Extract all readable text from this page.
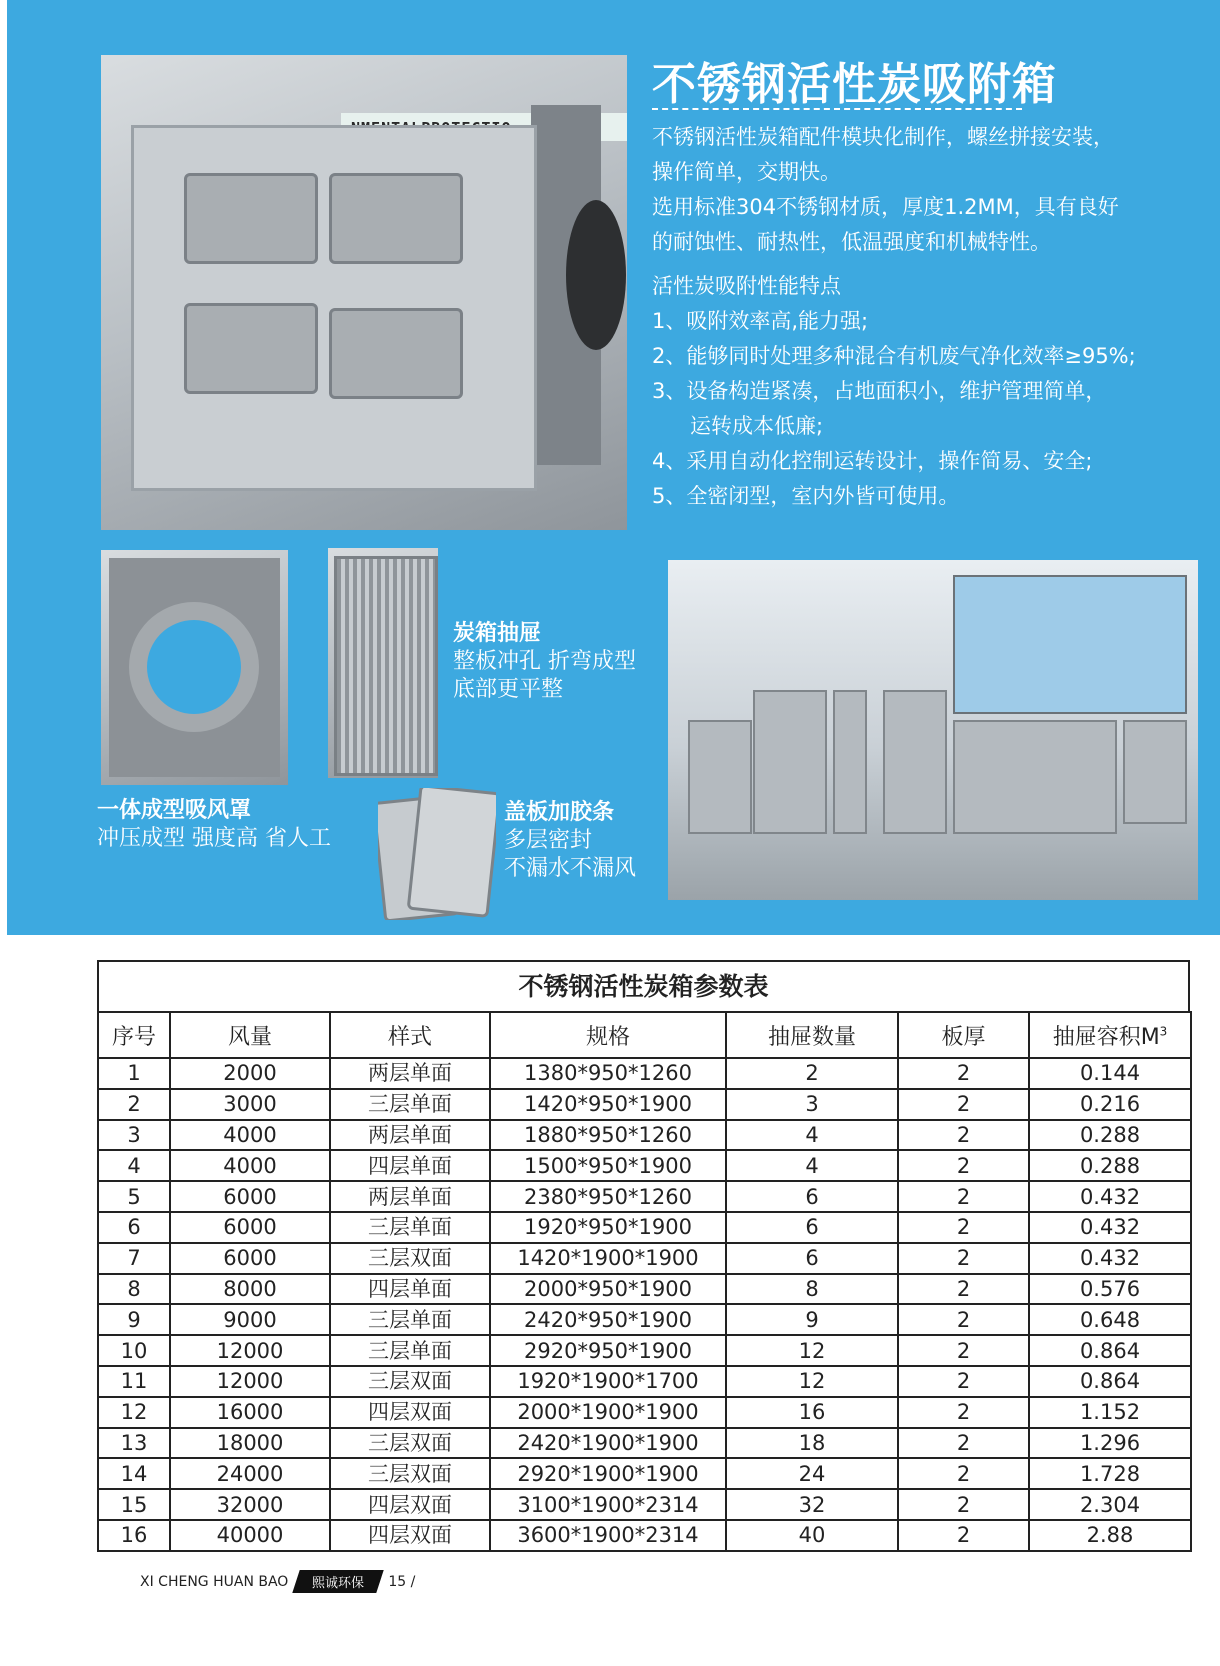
不锈钢活性炭吸附箱

不锈钢活性炭箱配件模块化制作，螺丝拼接安装，

操作简单，交期快。

选用标准304不锈钢材质，厚度1.2MM，具有良好

的耐蚀性、耐热性，低温强度和机械特性。

活性炭吸附性能特点

1、吸附效率高,能力强;

2、能够同时处理多种混合有机废气净化效率≥95%;

3、设备构造紧凑，占地面积小，维护管理简单，

运转成本低廉;

4、采用自动化控制运转设计，操作简易、安全;

5、全密闭型，室内外皆可使用。

炭箱抽屉
整板冲孔 折弯成型
底部更平整
一体成型吸风罩
冲压成型 强度高 省人工
盖板加胶条
多层密封
不漏水不漏风
不锈钢活性炭箱参数表
序号	风量	样式	规格	抽屉数量	板厚	抽屉容积$M^3$
1	2000	两层单面	1380*950*1260	2	2	0.144
2	3000	三层单面	1420*950*1900	3	2	0.216
3	4000	两层单面	1880*950*1260	4	2	0.288
4	4000	四层单面	1500*950*1900	4	2	0.288
5	6000	两层单面	2380*950*1260	6	2	0.432
6	6000	三层单面	1920*950*1900	6	2	0.432
7	6000	三层双面	1420*1900*1900	6	2	0.432
8	8000	四层单面	2000*950*1900	8	2	0.576
9	9000	三层单面	2420*950*1900	9	2	0.648
10	12000	三层单面	2920*950*1900	12	2	0.864
11	12000	三层双面	1920*1900*1700	12	2	0.864
12	16000	四层双面	2000*1900*1900	16	2	1.152
13	18000	三层双面	2420*1900*1900	18	2	1.296
14	24000	三层双面	2920*1900*1900	24	2	1.728
15	32000	四层双面	3100*1900*2314	32	2	2.304
16	40000	四层双面	3600*1900*2314	40	2	2.88
XI CHENG HUAN BAO	熙诚环保	15 /
